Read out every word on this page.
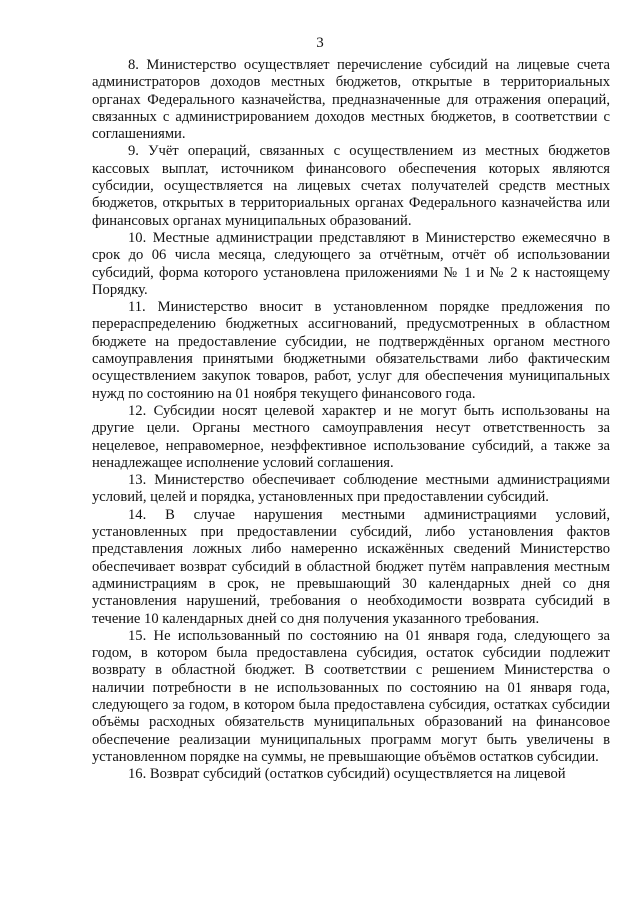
3

8. Министерство осуществляет перечисление субсидий на лицевые счета администраторов доходов местных бюджетов, открытые в территориальных органах Федерального казначейства, предназначенные для отражения операций, связанных с администрированием доходов местных бюджетов, в соответствии с соглашениями.

9. Учёт операций, связанных с осуществлением из местных бюджетов кассовых выплат, источником финансового обеспечения которых являются субсидии, осуществляется на лицевых счетах получателей средств местных бюджетов, открытых в территориальных органах Федерального казначейства или финансовых органах муниципальных образований.

10. Местные администрации представляют в Министерство ежемесячно в срок до 06 числа месяца, следующего за отчётным, отчёт об использовании субсидий, форма которого установлена приложениями № 1 и № 2 к настоящему Порядку.

11. Министерство вносит в установленном порядке предложения по перераспределению бюджетных ассигнований, предусмотренных в областном бюджете на предоставление субсидии, не подтверждённых органом местного самоуправления принятыми бюджетными обязательствами либо фактическим осуществлением закупок товаров, работ, услуг для обеспечения муниципальных нужд по состоянию на 01 ноября текущего финансового года.

12. Субсидии носят целевой характер и не могут быть использованы на другие цели. Органы местного самоуправления несут ответственность за нецелевое, неправомерное, неэффективное использование субсидий, а также за ненадлежащее исполнение условий соглашения.

13. Министерство обеспечивает соблюдение местными администрациями условий, целей и порядка, установленных при предоставлении субсидий.

14. В случае нарушения местными администрациями условий, установленных при предоставлении субсидий, либо установления фактов представления ложных либо намеренно искажённых сведений Министерство обеспечивает возврат субсидий в областной бюджет путём направления местным администрациям в срок, не превышающий 30 календарных дней со дня установления нарушений, требования о необходимости возврата субсидий в течение 10 календарных дней со дня получения указанного требования.

15. Не использованный по состоянию на 01 января года, следующего за годом, в котором была предоставлена субсидия, остаток субсидии подлежит возврату в областной бюджет. В соответствии с решением Министерства о наличии потребности в не использованных по состоянию на 01 января года, следующего за годом, в котором была предоставлена субсидия, остатках субсидии объёмы расходных обязательств муниципальных образований на финансовое обеспечение реализации муниципальных программ могут быть увеличены в установленном порядке на суммы, не превышающие объёмов остатков субсидии.

16. Возврат субсидий (остатков субсидий) осуществляется на лицевой
